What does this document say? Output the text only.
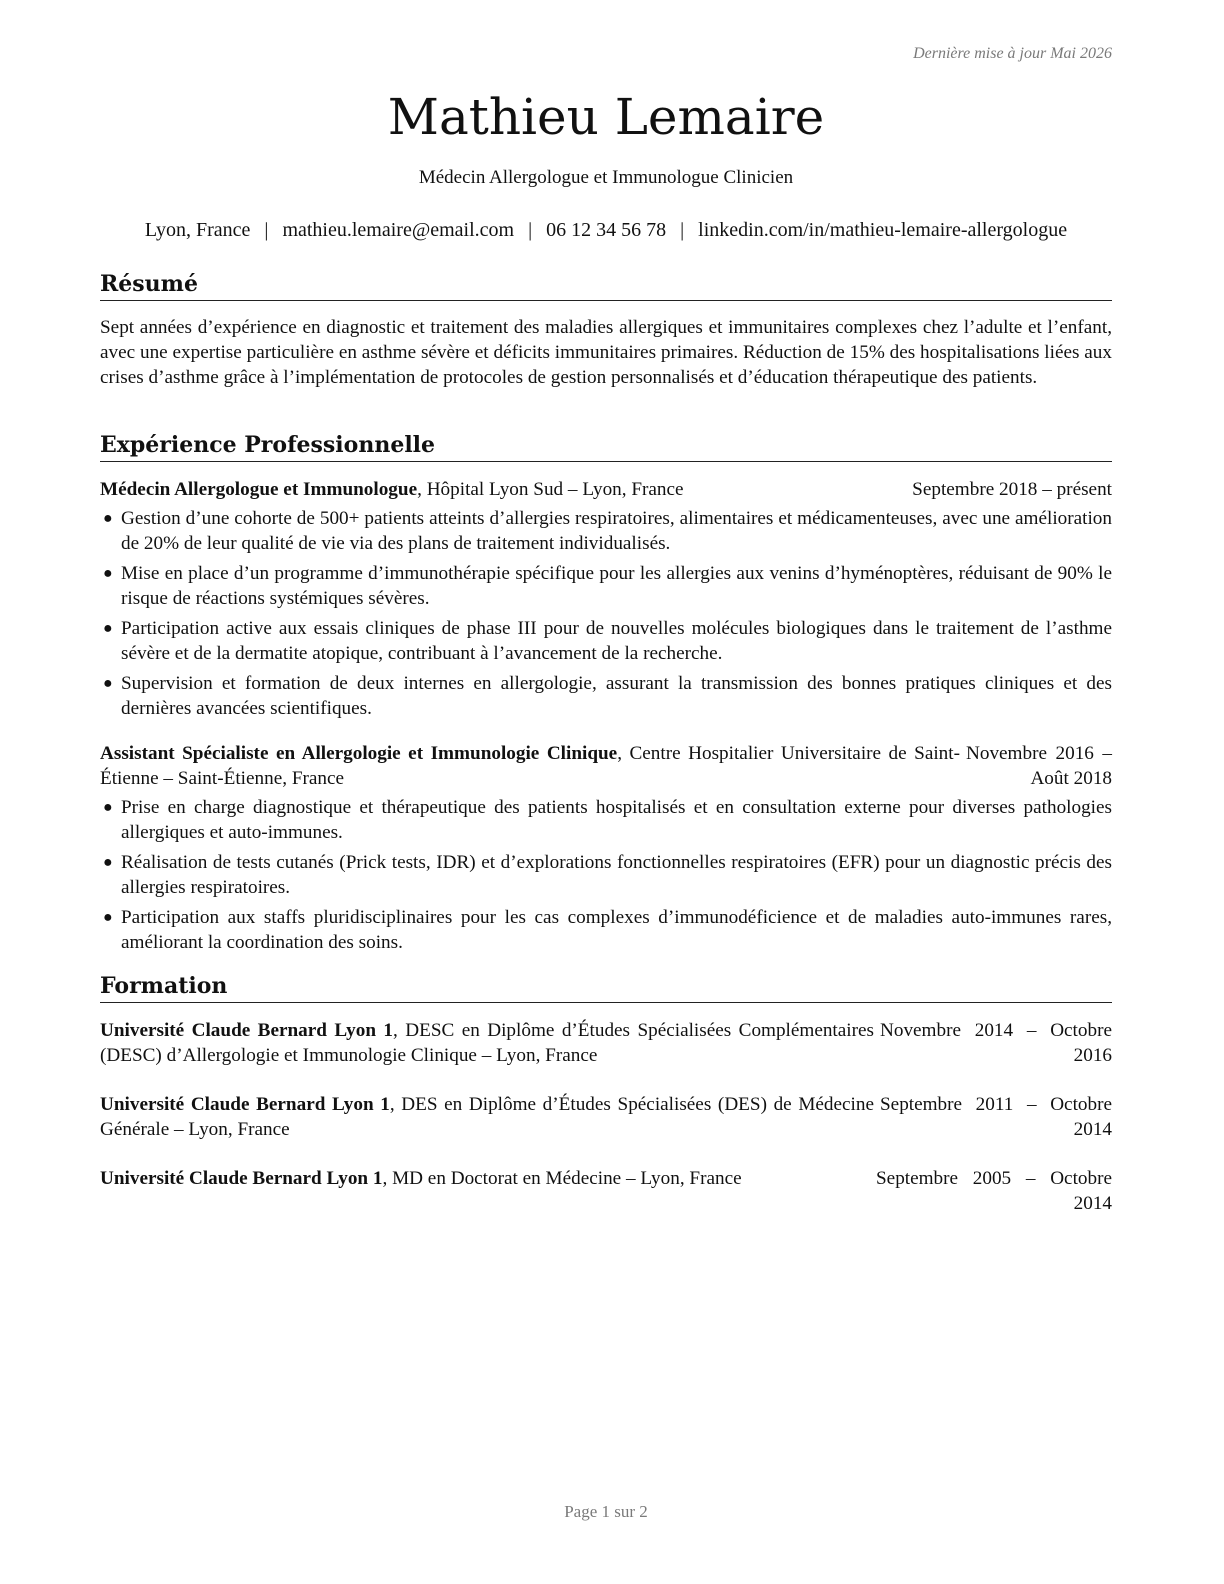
Dernière mise à jour Mai 2026
Mathieu Lemaire
Médecin Allergologue et Immunologue Clinicien
Lyon, France | mathieu.lemaire@email.com | 06 12 34 56 78 | linkedin.com/in/mathieu-lemaire-allergologue
Résumé
Sept années d’expérience en diagnostic et traitement des maladies allergiques et immunitaires complexes chez l’adulte et l’enfant, avec une expertise particulière en asthme sévère et déficits immunitaires primaires. Réduction de 15% des hospitalisations liées aux crises d’asthme grâce à l’implémentation de protocoles de gestion personnalisés et d’éducation thérapeutique des patients.
Expérience Professionnelle
Médecin Allergologue et Immunologue, Hôpital Lyon Sud – Lyon, France	Septembre 2018 – présent
● Gestion d’une cohorte de 500+ patients atteints d’allergies respiratoires, alimentaires et médicamenteuses, avec une amélioration de 20% de leur qualité de vie via des plans de traitement individualisés.
● Mise en place d’un programme d’immunothérapie spécifique pour les allergies aux venins d’hyménoptères, réduisant de 90% le risque de réactions systémiques sévères.
● Participation active aux essais cliniques de phase III pour de nouvelles molécules biologiques dans le traitement de l’asthme sévère et de la dermatite atopique, contribuant à l’avancement de la recherche.
● Supervision et formation de deux internes en allergologie, assurant la transmission des bonnes pratiques cliniques et des dernières avancées scientifiques.
Assistant Spécialiste en Allergologie et Immunologie Clinique, Centre Hospitalier Universitaire de Saint-Étienne – Saint-Étienne, France
Novembre 2016 – Août 2018
● Prise en charge diagnostique et thérapeutique des patients hospitalisés et en consultation externe pour diverses pathologies allergiques et auto-immunes.
● Réalisation de tests cutanés (Prick tests, IDR) et d’explorations fonctionnelles respiratoires (EFR) pour un diagnostic précis des allergies respiratoires.
● Participation aux staffs pluridisciplinaires pour les cas complexes d’immunodéficience et de maladies auto-immunes rares, améliorant la coordination des soins.
Formation
Université Claude Bernard Lyon 1, DESC en Diplôme d’Études Spécialisées Complémentaires (DESC) d’Allergologie et Immunologie Clinique – Lyon, France
Novembre 2014 – Octobre 2016
Université Claude Bernard Lyon 1, DES en Diplôme d’Études Spécialisées (DES) de Médecine Générale – Lyon, France
Septembre 2011 – Octobre 2014
Université Claude Bernard Lyon 1, MD en Doctorat en Médecine – Lyon, France	Septembre 2005 – Octobre 2014
Page 1 sur 2
